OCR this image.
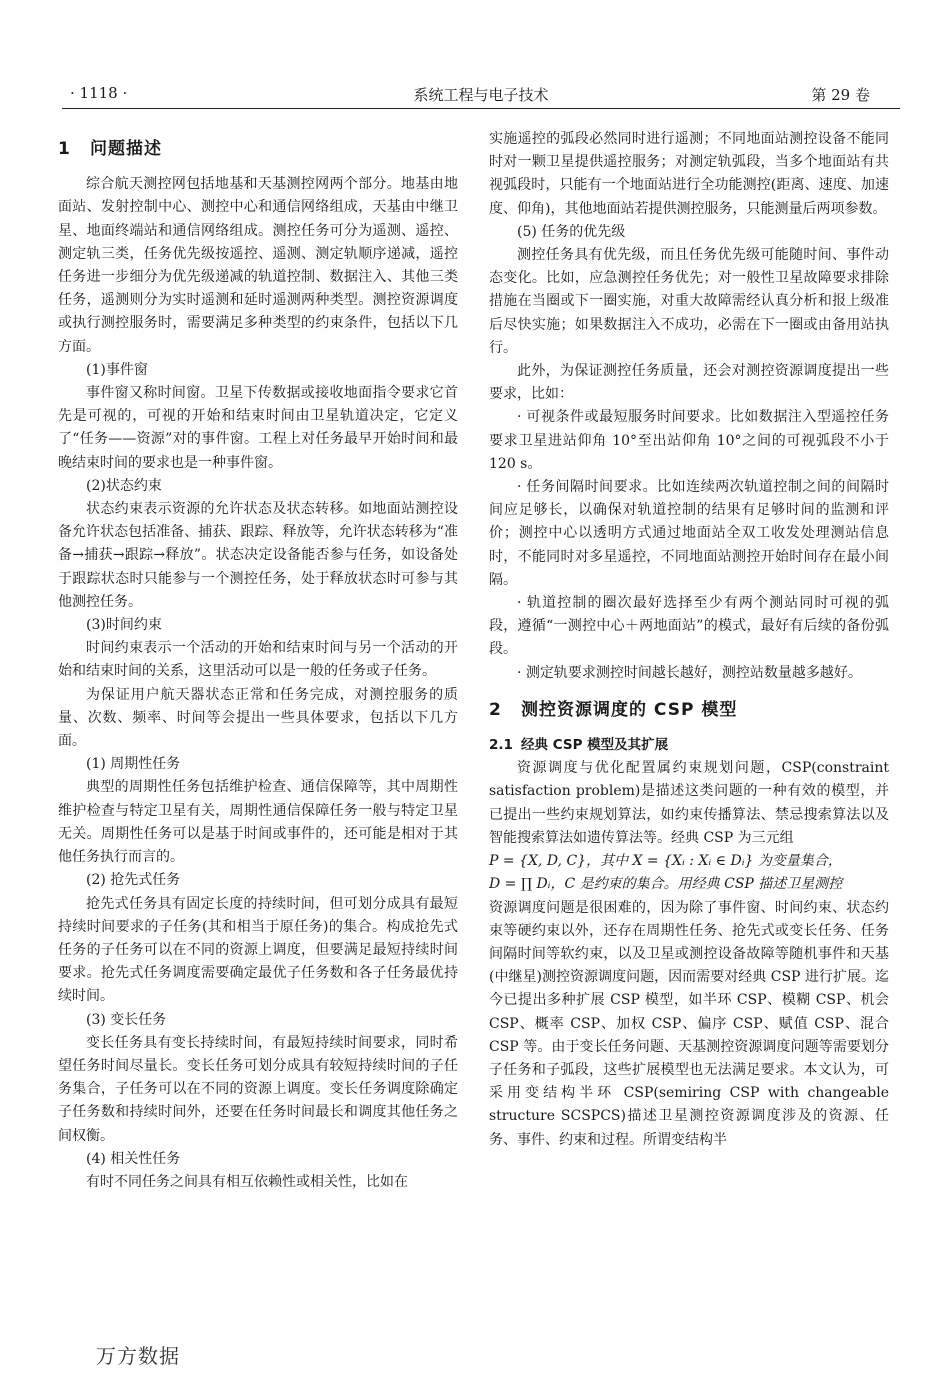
· 1118 ·	系统工程与电子技术	第 29 卷
1 问题描述

综合航天测控网包括地基和天基测控网两个部分。地基由地面站、发射控制中心、测控中心和通信网络组成，天基由中继卫星、地面终端站和通信网络组成。测控任务可分为遥测、遥控、测定轨三类，任务优先级按遥控、遥测、测定轨顺序递减，遥控任务进一步细分为优先级递减的轨道控制、数据注入、其他三类任务，遥测则分为实时遥测和延时遥测两种类型。测控资源调度或执行测控服务时，需要满足多种类型的约束条件，包括以下几方面。

(1)事件窗

事件窗又称时间窗。卫星下传数据或接收地面指令要求它首先是可视的，可视的开始和结束时间由卫星轨道决定，它定义了“任务——资源”对的事件窗。工程上对任务最早开始时间和最晚结束时间的要求也是一种事件窗。

(2)状态约束

状态约束表示资源的允许状态及状态转移。如地面站测控设备允许状态包括准备、捕获、跟踪、释放等，允许状态转移为“准备→捕获→跟踪→释放”。状态决定设备能否参与任务，如设备处于跟踪状态时只能参与一个测控任务，处于释放状态时可参与其他测控任务。

(3)时间约束

时间约束表示一个活动的开始和结束时间与另一个活动的开始和结束时间的关系，这里活动可以是一般的任务或子任务。

为保证用户航天器状态正常和任务完成，对测控服务的质量、次数、频率、时间等会提出一些具体要求，包括以下几方面。

(1) 周期性任务

典型的周期性任务包括维护检查、通信保障等，其中周期性维护检查与特定卫星有关，周期性通信保障任务一般与特定卫星无关。周期性任务可以是基于时间或事件的，还可能是相对于其他任务执行而言的。

(2) 抢先式任务

抢先式任务具有固定长度的持续时间，但可划分成具有最短持续时间要求的子任务(其和相当于原任务)的集合。构成抢先式任务的子任务可以在不同的资源上调度，但要满足最短持续时间要求。抢先式任务调度需要确定最优子任务数和各子任务最优持续时间。

(3) 变长任务

变长任务具有变长持续时间，有最短持续时间要求，同时希望任务时间尽量长。变长任务可划分成具有较短持续时间的子任务集合，子任务可以在不同的资源上调度。变长任务调度除确定子任务数和持续时间外，还要在任务时间最长和调度其他任务之间权衡。

(4) 相关性任务

有时不同任务之间具有相互依赖性或相关性，比如在

实施遥控的弧段必然同时进行遥测；不同地面站测控设备不能同时对一颗卫星提供遥控服务；对测定轨弧段，当多个地面站有共视弧段时，只能有一个地面站进行全功能测控(距离、速度、加速度、仰角)，其他地面站若提供测控服务，只能测量后两项参数。

(5) 任务的优先级

测控任务具有优先级，而且任务优先级可能随时间、事件动态变化。比如，应急测控任务优先；对一般性卫星故障要求排除措施在当圈或下一圈实施，对重大故障需经认真分析和报上级准后尽快实施；如果数据注入不成功，必需在下一圈或由备用站执行。

此外，为保证测控任务质量，还会对测控资源调度提出一些要求，比如：

· 可视条件或最短服务时间要求。比如数据注入型遥控任务要求卫星进站仰角 10°至出站仰角 10°之间的可视弧段不小于 120 s。

· 任务间隔时间要求。比如连续两次轨道控制之间的间隔时间应足够长，以确保对轨道控制的结果有足够时间的监测和评价；测控中心以透明方式通过地面站全双工收发处理测站信息时，不能同时对多星遥控，不同地面站测控开始时间存在最小间隔。

· 轨道控制的圈次最好选择至少有两个测站同时可视的弧段，遵循“一测控中心＋两地面站”的模式，最好有后续的备份弧段。

· 测定轨要求测控时间越长越好，测控站数量越多越好。

2 测控资源调度的 CSP 模型
2.1 经典 CSP 模型及其扩展

资源调度与优化配置属约束规划问题，CSP(constraint satisfaction problem)是描述这类问题的一种有效的模型，并已提出一些约束规划算法，如约束传播算法、禁忌搜索算法以及智能搜索算法如遗传算法等。经典 CSP 为三元组

P = {X, D, C}，其中 X = {Xᵢ : Xᵢ ∈ Dᵢ} 为变量集合，

D = ∏ Dᵢ，C 是约束的集合。用经典 CSP 描述卫星测控

资源调度问题是很困难的，因为除了事件窗、时间约束、状态约束等硬约束以外，还存在周期性任务、抢先式或变长任务、任务间隔时间等软约束，以及卫星或测控设备故障等随机事件和天基(中继星)测控资源调度问题，因而需要对经典 CSP 进行扩展。迄今已提出多种扩展 CSP 模型，如半环 CSP、模糊 CSP、机会 CSP、概率 CSP、加权 CSP、偏序 CSP、赋值 CSP、混合 CSP 等。由于变长任务问题、天基测控资源调度问题等需要划分子任务和子弧段，这些扩展模型也无法满足要求。本文认为，可采用变结构半环 CSP(semiring CSP with changeable structure SCSPCS)描述卫星测控资源调度涉及的资源、任务、事件、约束和过程。所谓变结构半

万方数据
